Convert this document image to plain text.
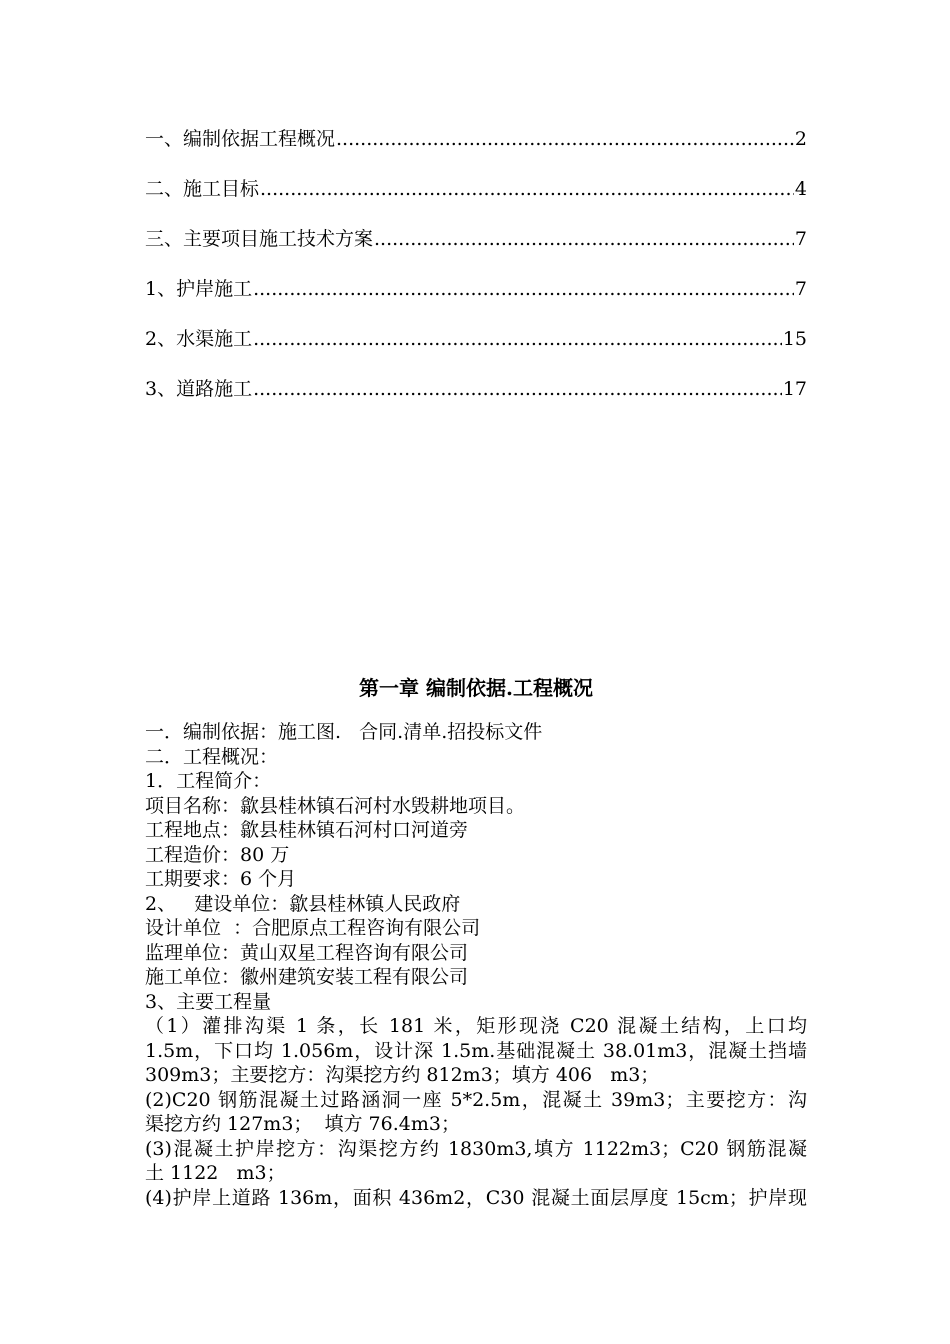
一、编制依据工程概况 .....	2
二、施工目标 .....	4
三、主要项目施工技术方案 .....	7
1、护岸施工 .....	7
2、水渠施工 .....	15
3、道路施工 .....	17
第一章 编制依据.工程概况

一．编制依据：施工图.   合同.清单.招投标文件

二．工程概况：

1．工程简介：

项目名称：歙县桂林镇石河村水毁耕地项目。

工程地点：歙县桂林镇石河村口河道旁

工程造价：80 万

工期要求：6 个月

2、   建设单位：歙县桂林镇人民政府

设计单位  ：合肥原点工程咨询有限公司

监理单位：黄山双星工程咨询有限公司

施工单位：徽州建筑安装工程有限公司

3、主要工程量

（1）灌排沟渠 1 条，长 181 米，矩形现浇 C20 混凝土结构，上口均

1.5m，下口均 1.056m，设计深 1.5m.基础混凝土 38.01m3，混凝土挡墙

309m3；主要挖方：沟渠挖方约 812m3；填方 406   m3；

(2)C20 钢筋混凝土过路涵洞一座 5*2.5m，混凝土 39m3；主要挖方：沟

渠挖方约 127m3；  填方 76.4m3；

(3)混凝土护岸挖方：沟渠挖方约 1830m3,填方 1122m3；C20 钢筋混凝

土 1122   m3；

(4)护岸上道路 136m，面积 436m2，C30 混凝土面层厚度 15cm；护岸现
